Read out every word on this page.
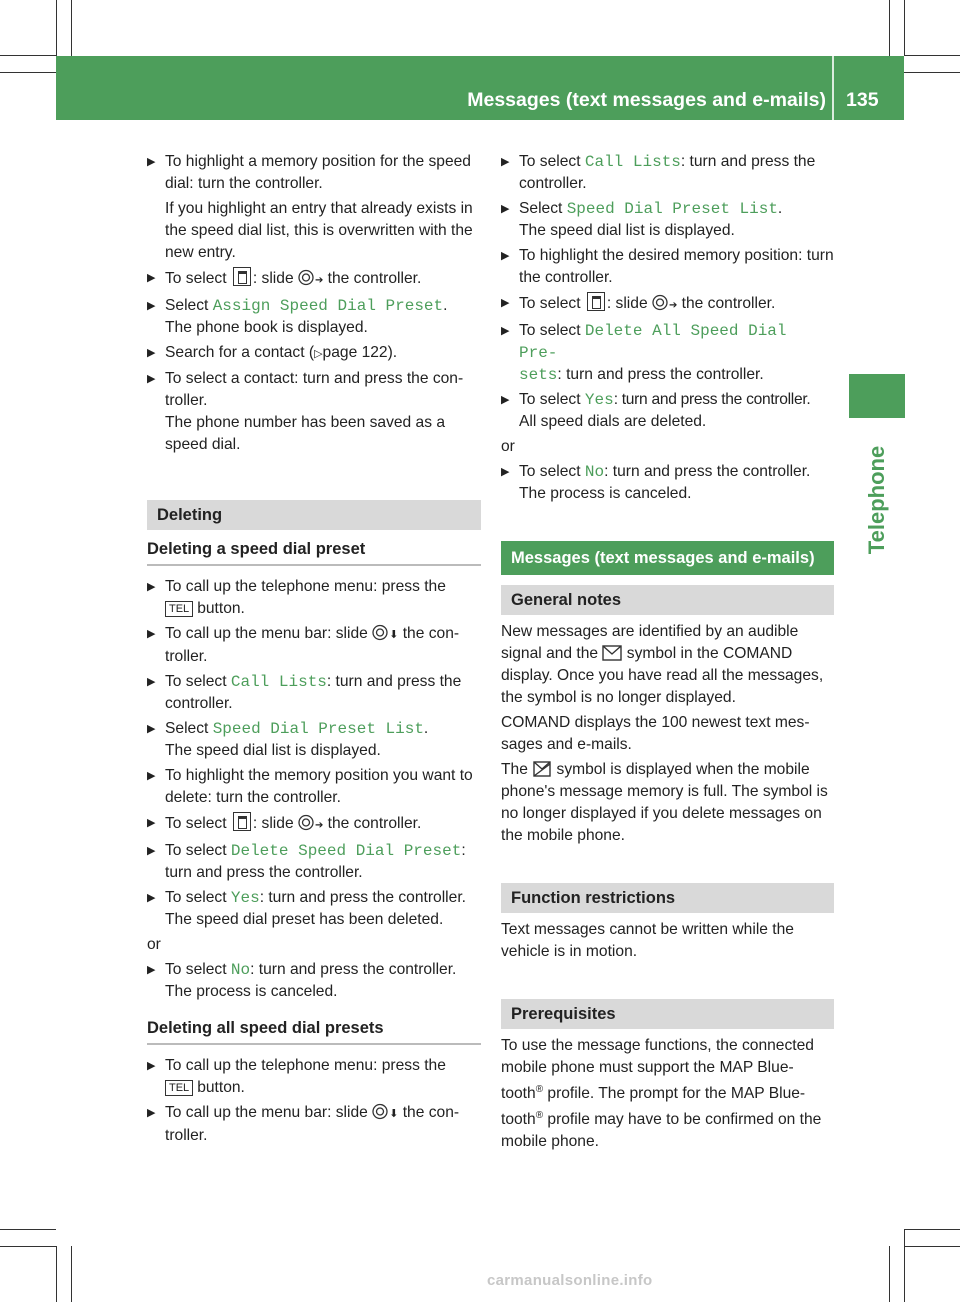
Messages (text messages and e-mails) 135
Telephone
▶ To highlight a memory position for the speed dial: turn the controller.
If you highlight an entry that already exists in the speed dial list, this is overwritten with the new entry.
▶ To select : slide ➔ the controller.
▶ Select Assign Speed Dial Preset.
The phone book is displayed.
▶ Search for a contact (▷page 122).
▶ To select a contact: turn and press the con-troller.
The phone number has been saved as a speed dial.
Deleting
Deleting a speed dial preset
▶ To call up the telephone menu: press the
TEL button.
▶ To call up the menu bar: slide ⬇ the con-troller.
▶ To select Call Lists: turn and press the controller.
▶ Select Speed Dial Preset List.
The speed dial list is displayed.
▶ To highlight the memory position you want to delete: turn the controller.
▶ To select : slide ➔ the controller.
▶ To select Delete Speed Dial Preset:
turn and press the controller.
▶ To select Yes: turn and press the controller.
The speed dial preset has been deleted.
or
▶ To select No: turn and press the controller.
The process is canceled.
Deleting all speed dial presets
▶ To call up the telephone menu: press the
TEL button.
▶ To call up the menu bar: slide ⬇ the con-troller.
▶ To select Call Lists: turn and press the controller.
▶ Select Speed Dial Preset List.
The speed dial list is displayed.
▶ To highlight the desired memory position: turn the controller.
▶ To select : slide ➔ the controller.
▶ To select Delete All Speed Dial Pre‐
sets: turn and press the controller.
▶ To select Yes: turn and press the controller.
All speed dials are deleted.
or
▶ To select No: turn and press the controller.
The process is canceled.
Messages (text messages and e-mails)
General notes
New messages are identified by an audible signal and the  symbol in the COMAND display. Once you have read all the messages, the symbol is no longer displayed.
COMAND displays the 100 newest text mes-sages and e-mails.
The  symbol is displayed when the mobile phone's message memory is full. The symbol is no longer displayed if you delete messages on the mobile phone.
Function restrictions
Text messages cannot be written while the vehicle is in motion.
Prerequisites
To use the message functions, the connected mobile phone must support the MAP Blue-tooth® profile. The prompt for the MAP Blue-tooth® profile may have to be confirmed on the mobile phone.
carmanualsonline.info
